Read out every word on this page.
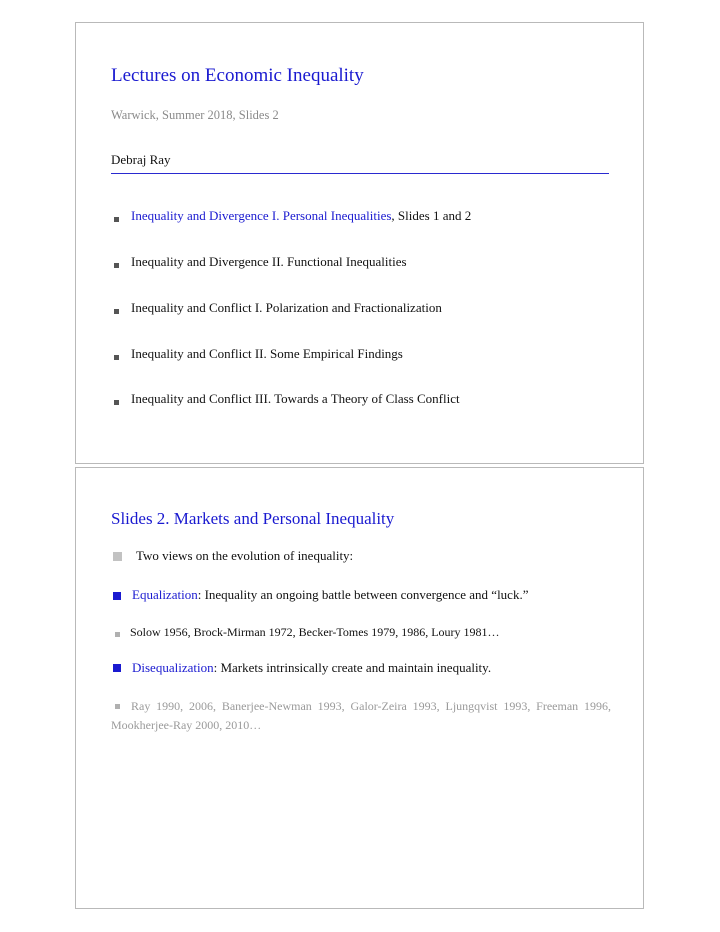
Lectures on Economic Inequality
Warwick, Summer 2018, Slides 2
Debraj Ray
Inequality and Divergence I. Personal Inequalities, Slides 1 and 2
Inequality and Divergence II. Functional Inequalities
Inequality and Conflict I. Polarization and Fractionalization
Inequality and Conflict II. Some Empirical Findings
Inequality and Conflict III. Towards a Theory of Class Conflict
Slides 2. Markets and Personal Inequality
Two views on the evolution of inequality:
Equalization: Inequality an ongoing battle between convergence and “luck.”
Solow 1956, Brock-Mirman 1972, Becker-Tomes 1979, 1986, Loury 1981…
Disequalization: Markets intrinsically create and maintain inequality.
Ray 1990, 2006, Banerjee-Newman 1993, Galor-Zeira 1993, Ljungqvist 1993, Freeman 1996, Mookherjee-Ray 2000, 2010…
